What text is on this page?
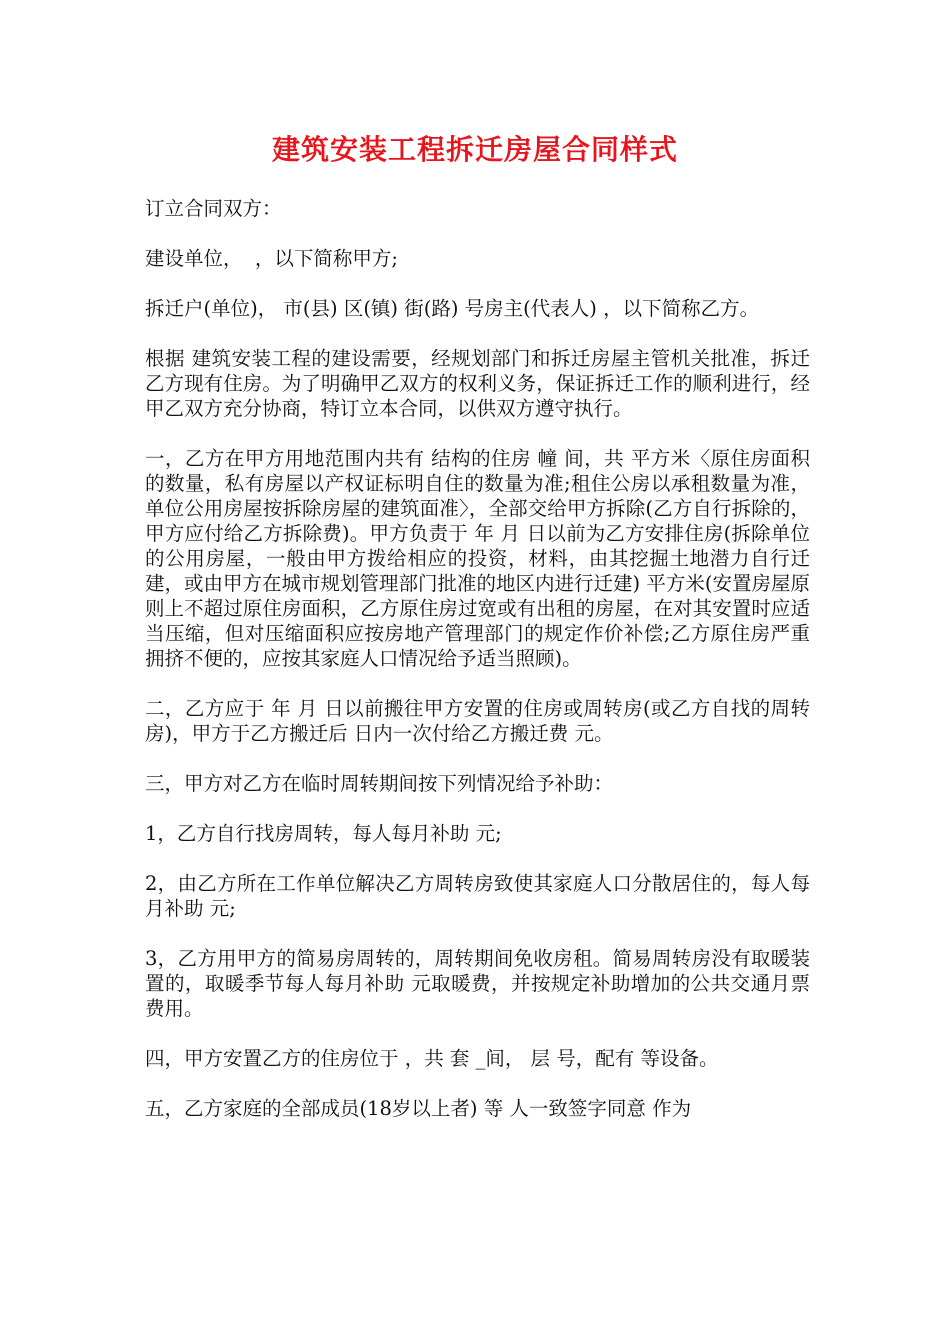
建筑安装工程拆迁房屋合同样式

订立合同双方：

建设单位，  ，以下简称甲方;

拆迁户(单位)， 市(县) 区(镇) 街(路) 号房主(代表人) ，以下简称乙方。

根据 建筑安装工程的建设需要，经规划部门和拆迁房屋主管机关批准，拆迁乙方现有住房。为了明确甲乙双方的权利义务，保证拆迁工作的顺利进行，经甲乙双方充分协商，特订立本合同，以供双方遵守执行。

一，乙方在甲方用地范围内共有 结构的住房 幢 间，共 平方米〈原住房面积的数量，私有房屋以产权证标明自住的数量为准;租住公房以承租数量为准，单位公用房屋按拆除房屋的建筑面准〉，全部交给甲方拆除(乙方自行拆除的，甲方应付给乙方拆除费)。甲方负责于 年 月 日以前为乙方安排住房(拆除单位的公用房屋，一般由甲方拨给相应的投资，材料，由其挖掘土地潜力自行迁建，或由甲方在城市规划管理部门批准的地区内进行迁建) 平方米(安置房屋原则上不超过原住房面积，乙方原住房过宽或有出租的房屋，在对其安置时应适当压缩，但对压缩面积应按房地产管理部门的规定作价补偿;乙方原住房严重拥挤不便的，应按其家庭人口情况给予适当照顾)。

二，乙方应于 年 月 日以前搬往甲方安置的住房或周转房(或乙方自找的周转房)，甲方于乙方搬迁后 日内一次付给乙方搬迁费 元。

三，甲方对乙方在临时周转期间按下列情况给予补助：

1，乙方自行找房周转，每人每月补助 元;

2，由乙方所在工作单位解决乙方周转房致使其家庭人口分散居住的，每人每月补助 元;

3，乙方用甲方的简易房周转的，周转期间免收房租。简易周转房没有取暖装置的，取暖季节每人每月补助 元取暖费，并按规定补助增加的公共交通月票费用。

四，甲方安置乙方的住房位于 ，共 套 _间， 层 号，配有 等设备。

五，乙方家庭的全部成员(18岁以上者) 等 人一致签字同意 作为
